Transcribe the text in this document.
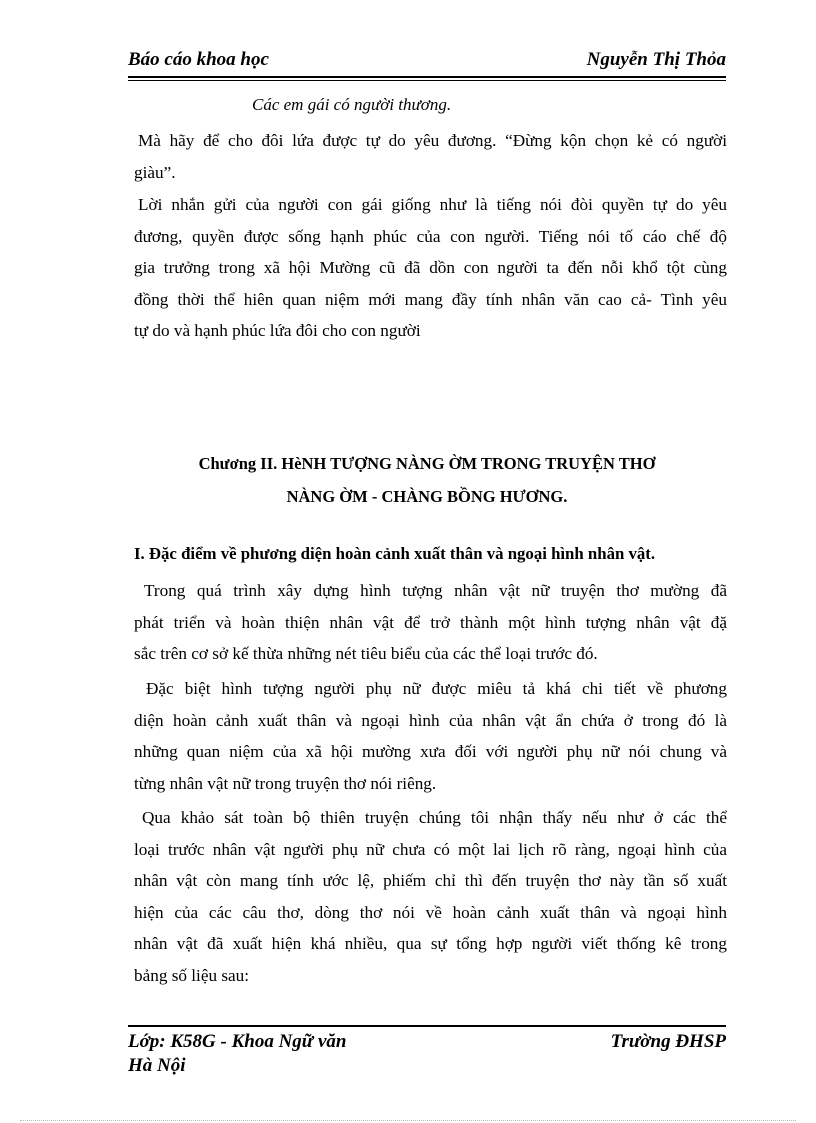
Báo cáo khoa học	Nguyễn Thị Thỏa
Các em gái có người thương.
Mà hãy để cho đôi lứa được tự do yêu đương. “Đừng kộn chọn kẻ có người
giàu”.
Lời nhắn gửi của người con gái giống như là tiếng nói đòi quyền tự do yêu
đương, quyền được sống hạnh phúc của con người. Tiếng nói tố cáo chế độ
gia trưởng trong xã hội Mường cũ đã dồn con người ta đến nỗi khổ tột cùng
đồng thời thể hiên quan niệm mới mang đầy tính nhân văn cao cả- Tình yêu
tự do và hạnh phúc lứa đôi cho con người
Chương II. HèNH TƯỢNG NÀNG ỜM TRONG TRUYỆN THƠ
NÀNG ỜM - CHÀNG BỒNG HƯƠNG.
I. Đặc điểm về phương diện hoàn cảnh xuất thân và ngoại hình nhân vật.
Trong quá trình xây dựng hình tượng nhân vật nữ truyện thơ mường đã
phát triển và hoàn thiện nhân vật để trở thành một hình tượng nhân vật đặ
sắc trên cơ sở kế thừa những nét tiêu biểu của các thể loại trước đó.
Đặc biệt hình tượng người phụ nữ được miêu tả khá chi tiết về phương
diện hoàn cảnh xuất thân và ngoại hình của nhân vật ẩn chứa ở trong đó là
những quan niệm của xã hội mường xưa đối với người phụ nữ nói chung và
từng nhân vật nữ trong truyện thơ nói riêng.
Qua khảo sát toàn bộ thiên truyện chúng tôi nhận thấy nếu như ở các thể
loại trước nhân vật người phụ nữ chưa có một lai lịch rõ ràng, ngoại hình của
nhân vật còn mang tính ước lệ, phiếm chỉ thì đến truyện thơ này tần số xuất
hiện của các câu thơ, dòng thơ nói về hoàn cảnh xuất thân và ngoại hình
nhân vật đã xuất hiện khá nhiều, qua sự tổng hợp người viết thống kê trong
bảng số liệu sau:
Lớp: K58G - Khoa Ngữ văn	Trường ĐHSP
Hà Nội
